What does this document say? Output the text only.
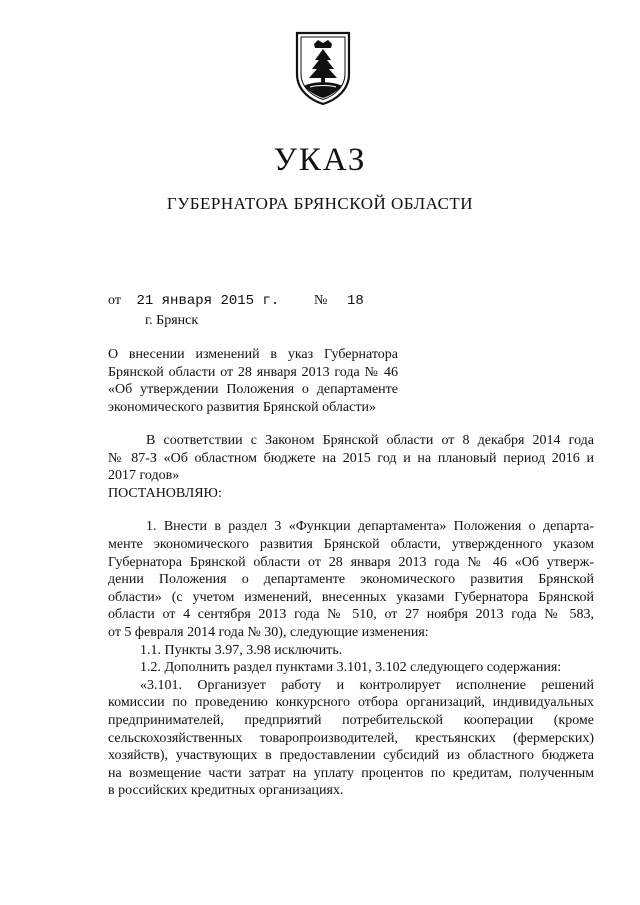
УКАЗ
ГУБЕРНАТОРА БРЯНСКОЙ ОБЛАСТИ
от 21 января 2015 г. № 18
г. Брянск
О внесении изменений в указ Губернатора
Брянской области от 28 января 2013 года № 46
«Об утверждении Положения о департаменте
экономического развития Брянской области»
В соответствии с Законом Брянской области от 8 декабря 2014 года
№ 87-З «Об областном бюджете на 2015 год и на плановый период 2016 и
2017 годов»
ПОСТАНОВЛЯЮ:
1. Внести в раздел 3 «Функции департамента» Положения о департа-
менте экономического развития Брянской области, утвержденного указом
Губернатора Брянской области от 28 января 2013 года № 46 «Об утверж-
дении Положения о департаменте экономического развития Брянской
области» (с учетом изменений, внесенных указами Губернатора Брянской
области от 4 сентября 2013 года № 510, от 27 ноября 2013 года № 583,
от 5 февраля 2014 года № 30), следующие изменения:
1.1. Пункты 3.97, 3.98 исключить.
1.2. Дополнить раздел пунктами 3.101, 3.102 следующего содержания:
«3.101. Организует работу и контролирует исполнение решений
комиссии по проведению конкурсного отбора организаций, индивидуальных
предпринимателей, предприятий потребительской кооперации (кроме
сельскохозяйственных товаропроизводителей, крестьянских (фермерских)
хозяйств), участвующих в предоставлении субсидий из областного бюджета
на возмещение части затрат на уплату процентов по кредитам, полученным
в российских кредитных организациях.
